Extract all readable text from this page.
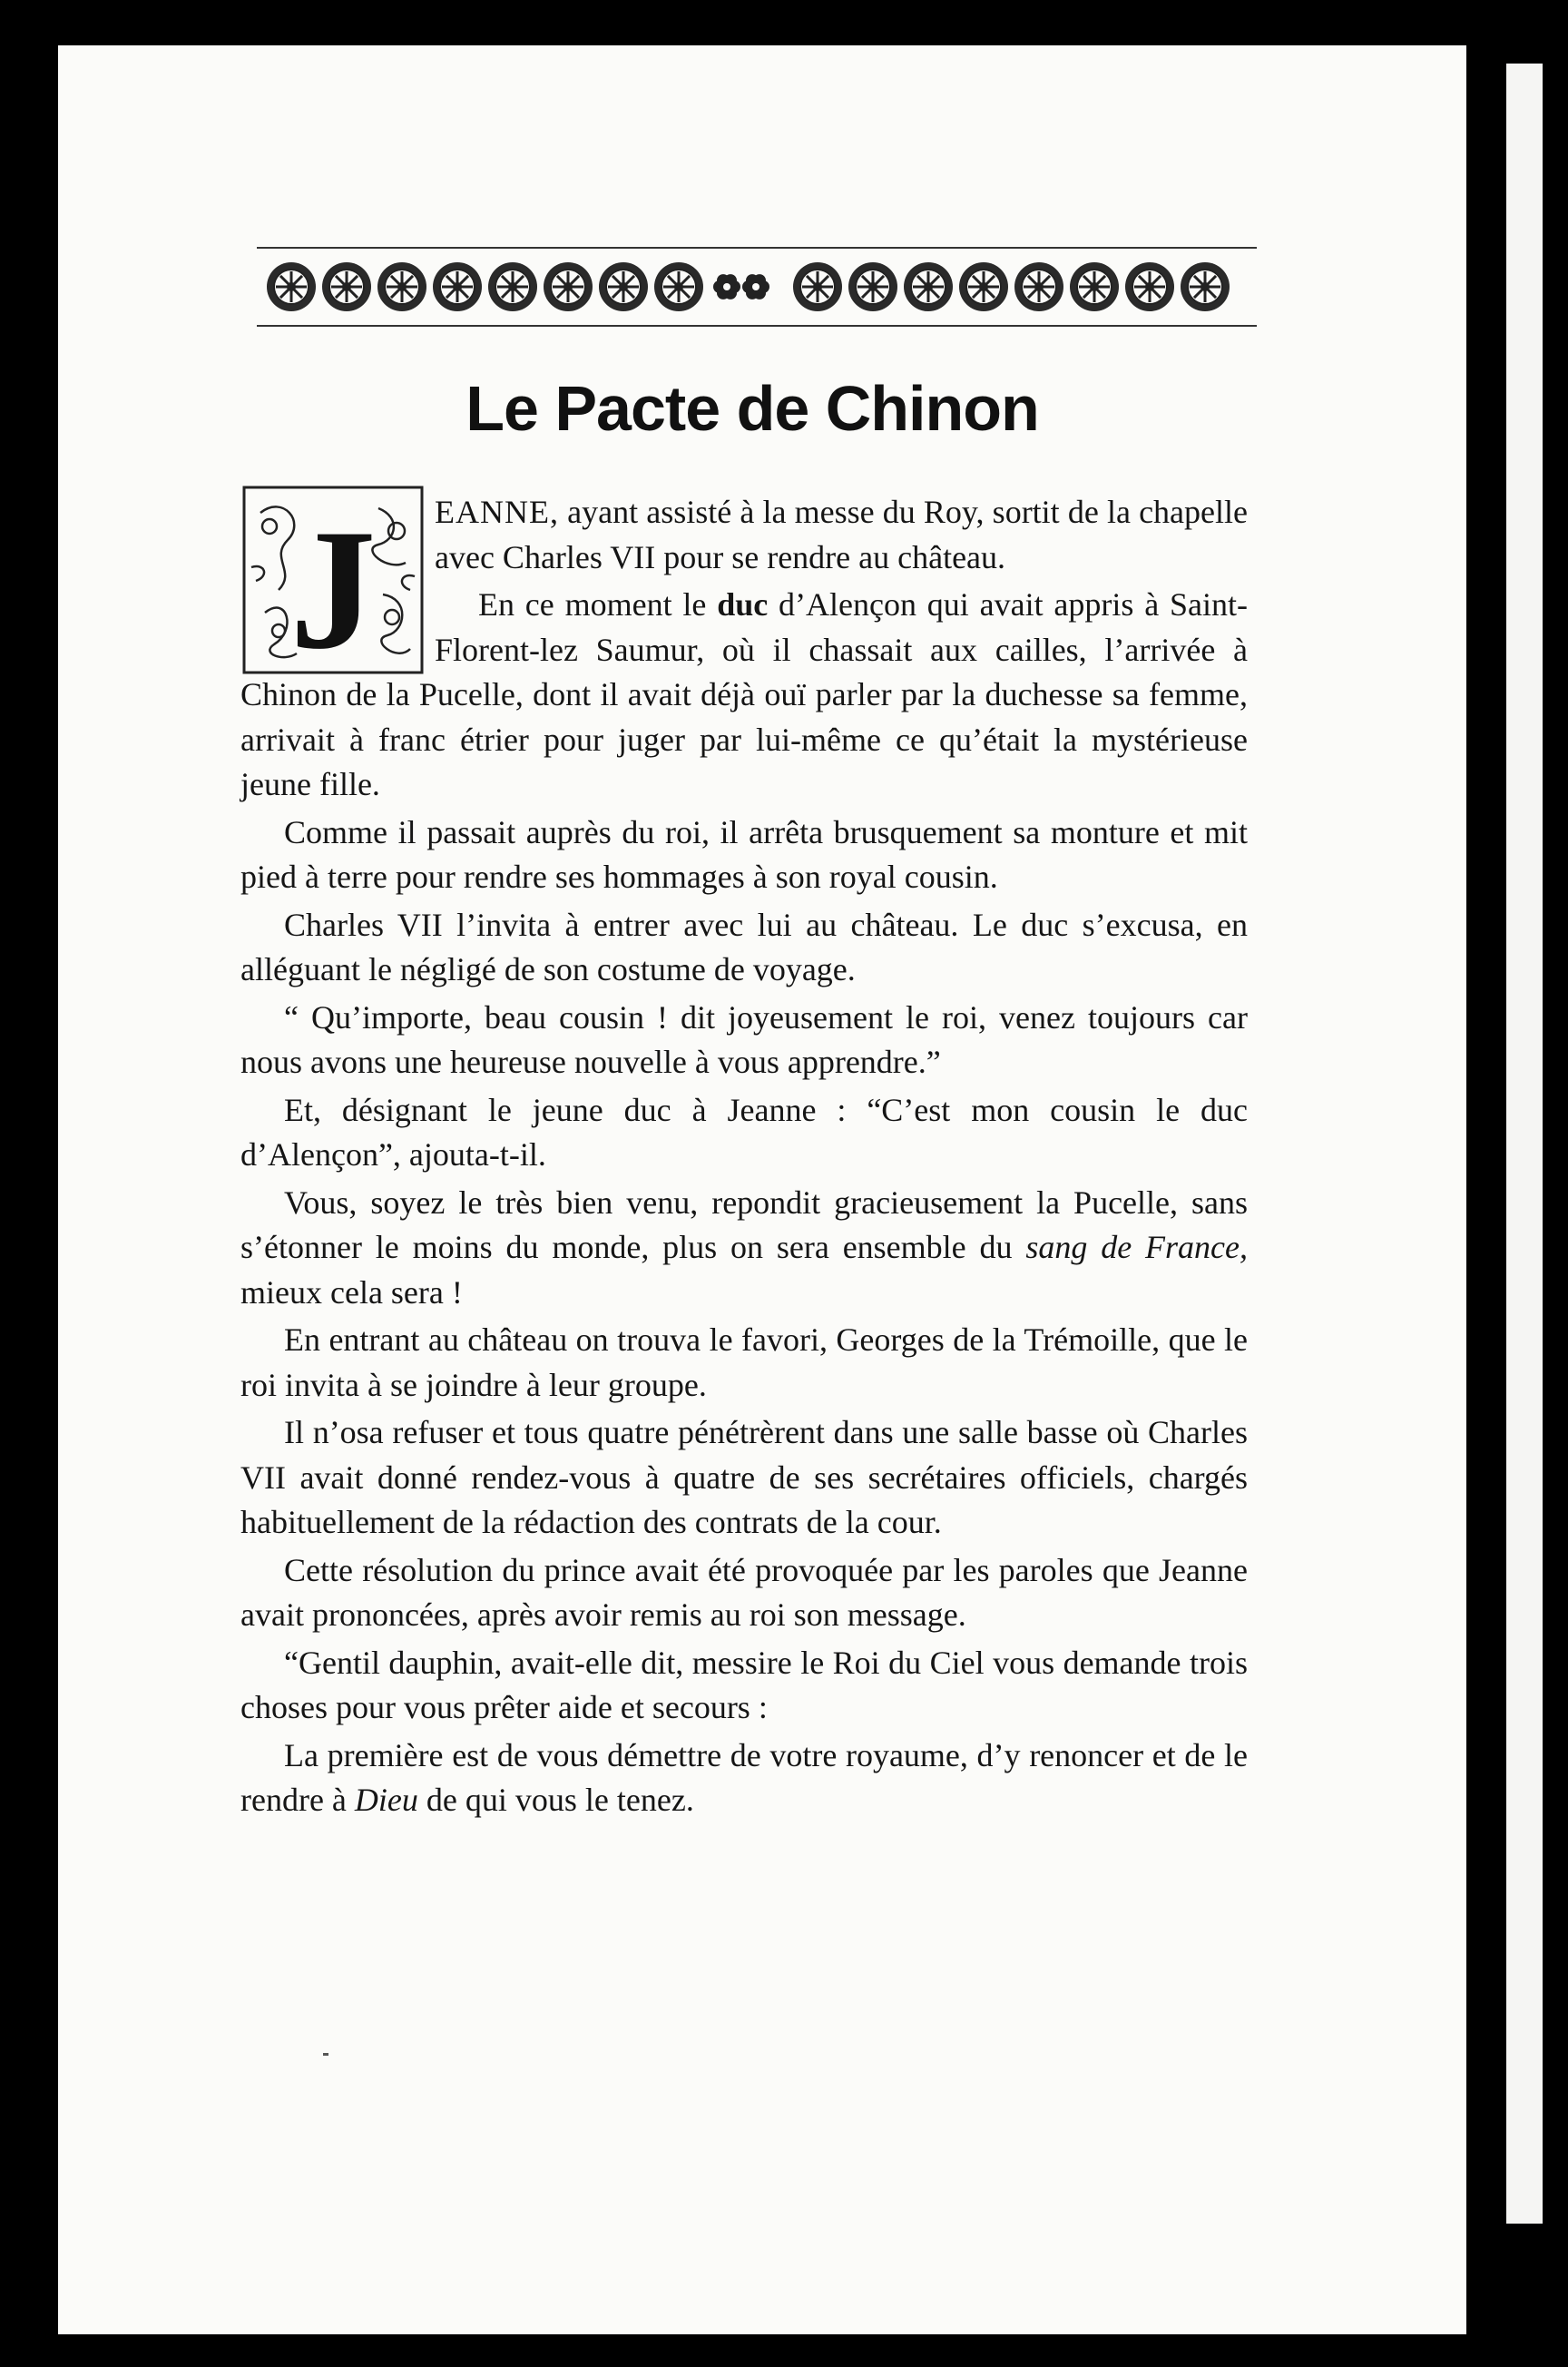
J
Le Pacte de Chinon

EANNE, ayant assisté à la messe du Roy, sortit de la chapelle avec Charles VII pour se rendre au château.

En ce moment le duc d’Alençon qui avait appris à Saint-Florent-lez Saumur, où il chassait aux cailles, l’arrivée à Chinon de la Pucelle, dont il avait déjà ouï parler par la duchesse sa femme, arrivait à franc étrier pour juger par lui-même ce qu’était la mystérieuse jeune fille.

Comme il passait auprès du roi, il arrêta brusquement sa monture et mit pied à terre pour rendre ses hommages à son royal cousin.

Charles VII l’invita à entrer avec lui au château. Le duc s’excusa, en alléguant le négligé de son costume de voyage.

“ Qu’importe, beau cousin ! dit joyeusement le roi, venez toujours car nous avons une heureuse nouvelle à vous apprendre.”

Et, désignant le jeune duc à Jeanne : “C’est mon cousin le duc d’Alençon”, ajouta-t-il.

Vous, soyez le très bien venu, repondit gracieusement la Pucelle, sans s’étonner le moins du monde, plus on sera ensemble du sang de France, mieux cela sera !

En entrant au château on trouva le favori, Georges de la Trémoille, que le roi invita à se joindre à leur groupe.

Il n’osa refuser et tous quatre pénétrèrent dans une salle basse où Charles VII avait donné rendez-vous à quatre de ses secrétaires officiels, chargés habituellement de la rédaction des contrats de la cour.

Cette résolution du prince avait été provoquée par les paroles que Jeanne avait prononcées, après avoir remis au roi son message.

“Gentil dauphin, avait-elle dit, messire le Roi du Ciel vous demande trois choses pour vous prêter aide et secours :

La première est de vous démettre de votre royaume, d’y renoncer et de le rendre à Dieu de qui vous le tenez.
